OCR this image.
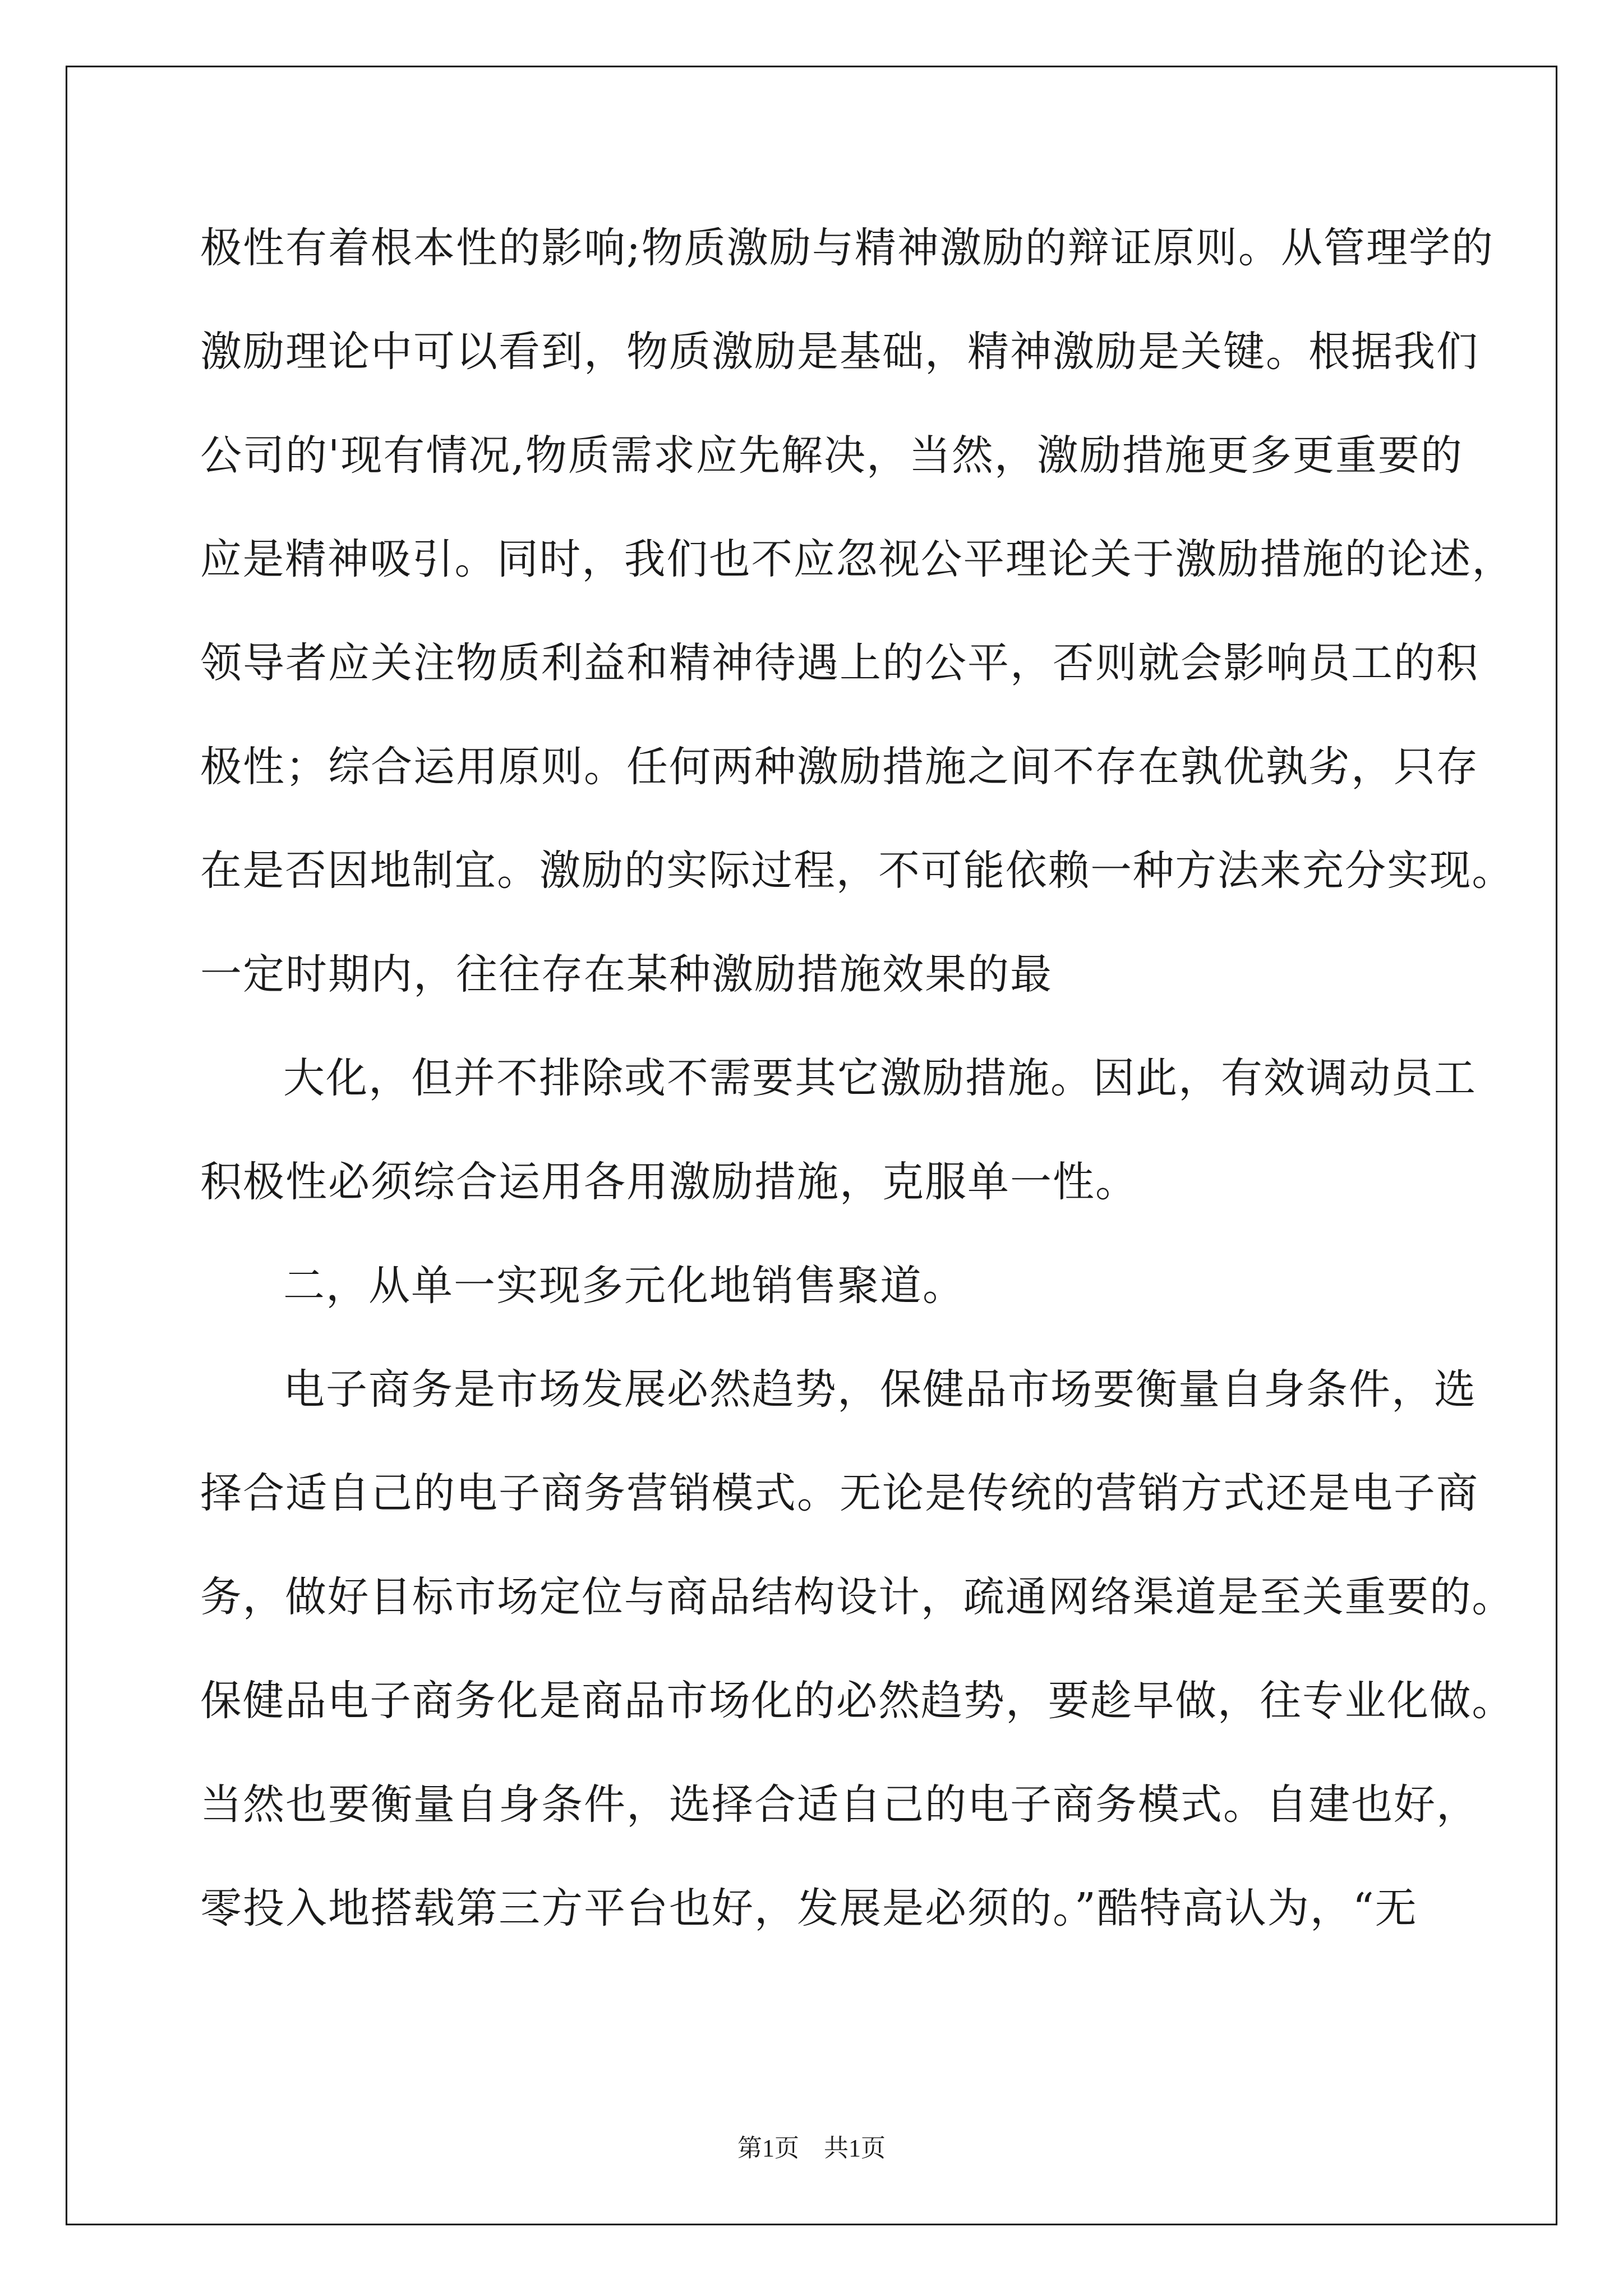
极性有着根本性的影响;物质激励与精神激励的辩证原则。从管理学的
激励理论中可以看到，物质激励是基础，精神激励是关键。根据我们
公司的'现有情况,物质需求应先解决，当然，激励措施更多更重要的
应是精神吸引。同时，我们也不应忽视公平理论关于激励措施的论述，
领导者应关注物质利益和精神待遇上的公平，否则就会影响员工的积
极性；综合运用原则。任何两种激励措施之间不存在孰优孰劣，只存
在是否因地制宜。激励的实际过程，不可能依赖一种方法来充分实现。
一定时期内，往往存在某种激励措施效果的最
大化，但并不排除或不需要其它激励措施。因此，有效调动员工
积极性必须综合运用各用激励措施，克服单一性。
二，从单一实现多元化地销售聚道。
电子商务是市场发展必然趋势，保健品市场要衡量自身条件，选
择合适自己的电子商务营销模式。无论是传统的营销方式还是电子商
务，做好目标市场定位与商品结构设计，疏通网络渠道是至关重要的。
保健品电子商务化是商品市场化的必然趋势，要趁早做，往专业化做。
当然也要衡量自身条件，选择合适自己的电子商务模式。自建也好，
零投入地搭载第三方平台也好，发展是必须的。”酷特高认为，“无
第1页　共1页
